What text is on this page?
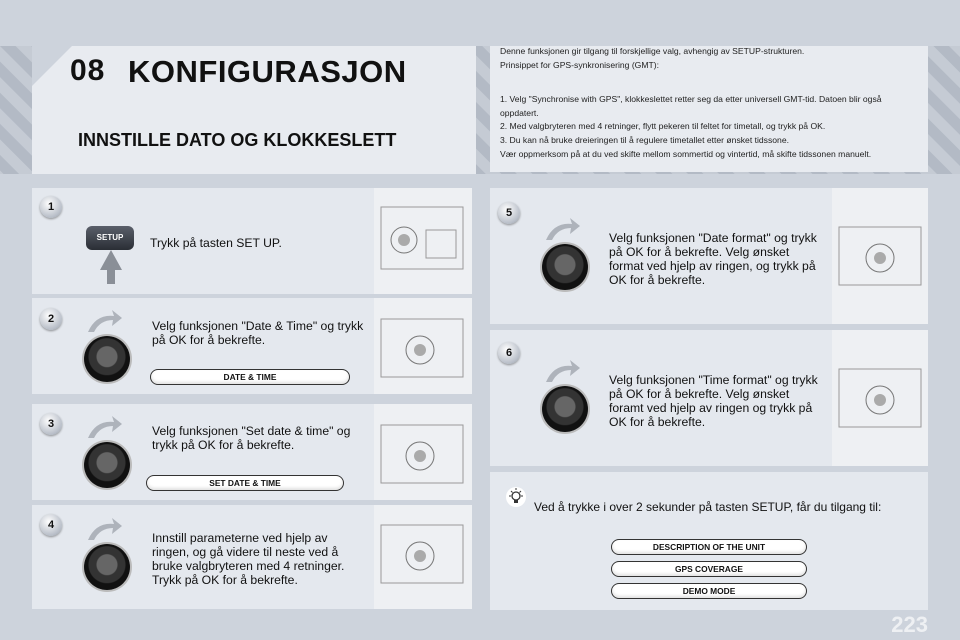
08 KONFIGURASJON
INNSTILLE DATO OG KLOKKESLETT
Denne funksjonen gir tilgang til forskjellige valg, avhengig av SETUP-strukturen.
Prinsippet for GPS-synkronisering (GMT):
1. Velg "Synchronise with GPS", klokkeslettet retter seg da etter universell GMT-tid. Datoen blir også oppdatert.
2. Med valgbryteren med 4 retninger, flytt pekeren til feltet for timetall, og trykk på OK.
3. Du kan nå bruke dreieringen til å regulere timetallet etter ønsket tidssone.
Vær oppmerksom på at du ved skifte mellom sommertid og vintertid, må skifte tidssonen manuelt.
1
2
3
4
5
6
SETUP	Trykk på tasten SET UP.
Velg funksjonen "Date & Time" og trykk på OK for å bekrefte.
DATE & TIME
Velg funksjonen "Set date & time" og trykk på OK for å bekrefte.
SET DATE & TIME
Innstill parameterne ved hjelp av ringen, og gå videre til neste ved å bruke valgbryteren med 4 retninger. Trykk på OK for å bekrefte.
Velg funksjonen "Date format" og trykk på OK for å bekrefte. Velg ønsket format ved hjelp av ringen, og trykk på OK for å bekrefte.
Velg funksjonen "Time format" og trykk på OK for å bekrefte. Velg ønsket foramt ved hjelp av ringen og trykk på OK for å bekrefte.
Ved å trykke i over 2 sekunder på tasten SETUP, får du tilgang til:
DESCRIPTION OF THE UNIT
GPS COVERAGE
DEMO MODE
223
